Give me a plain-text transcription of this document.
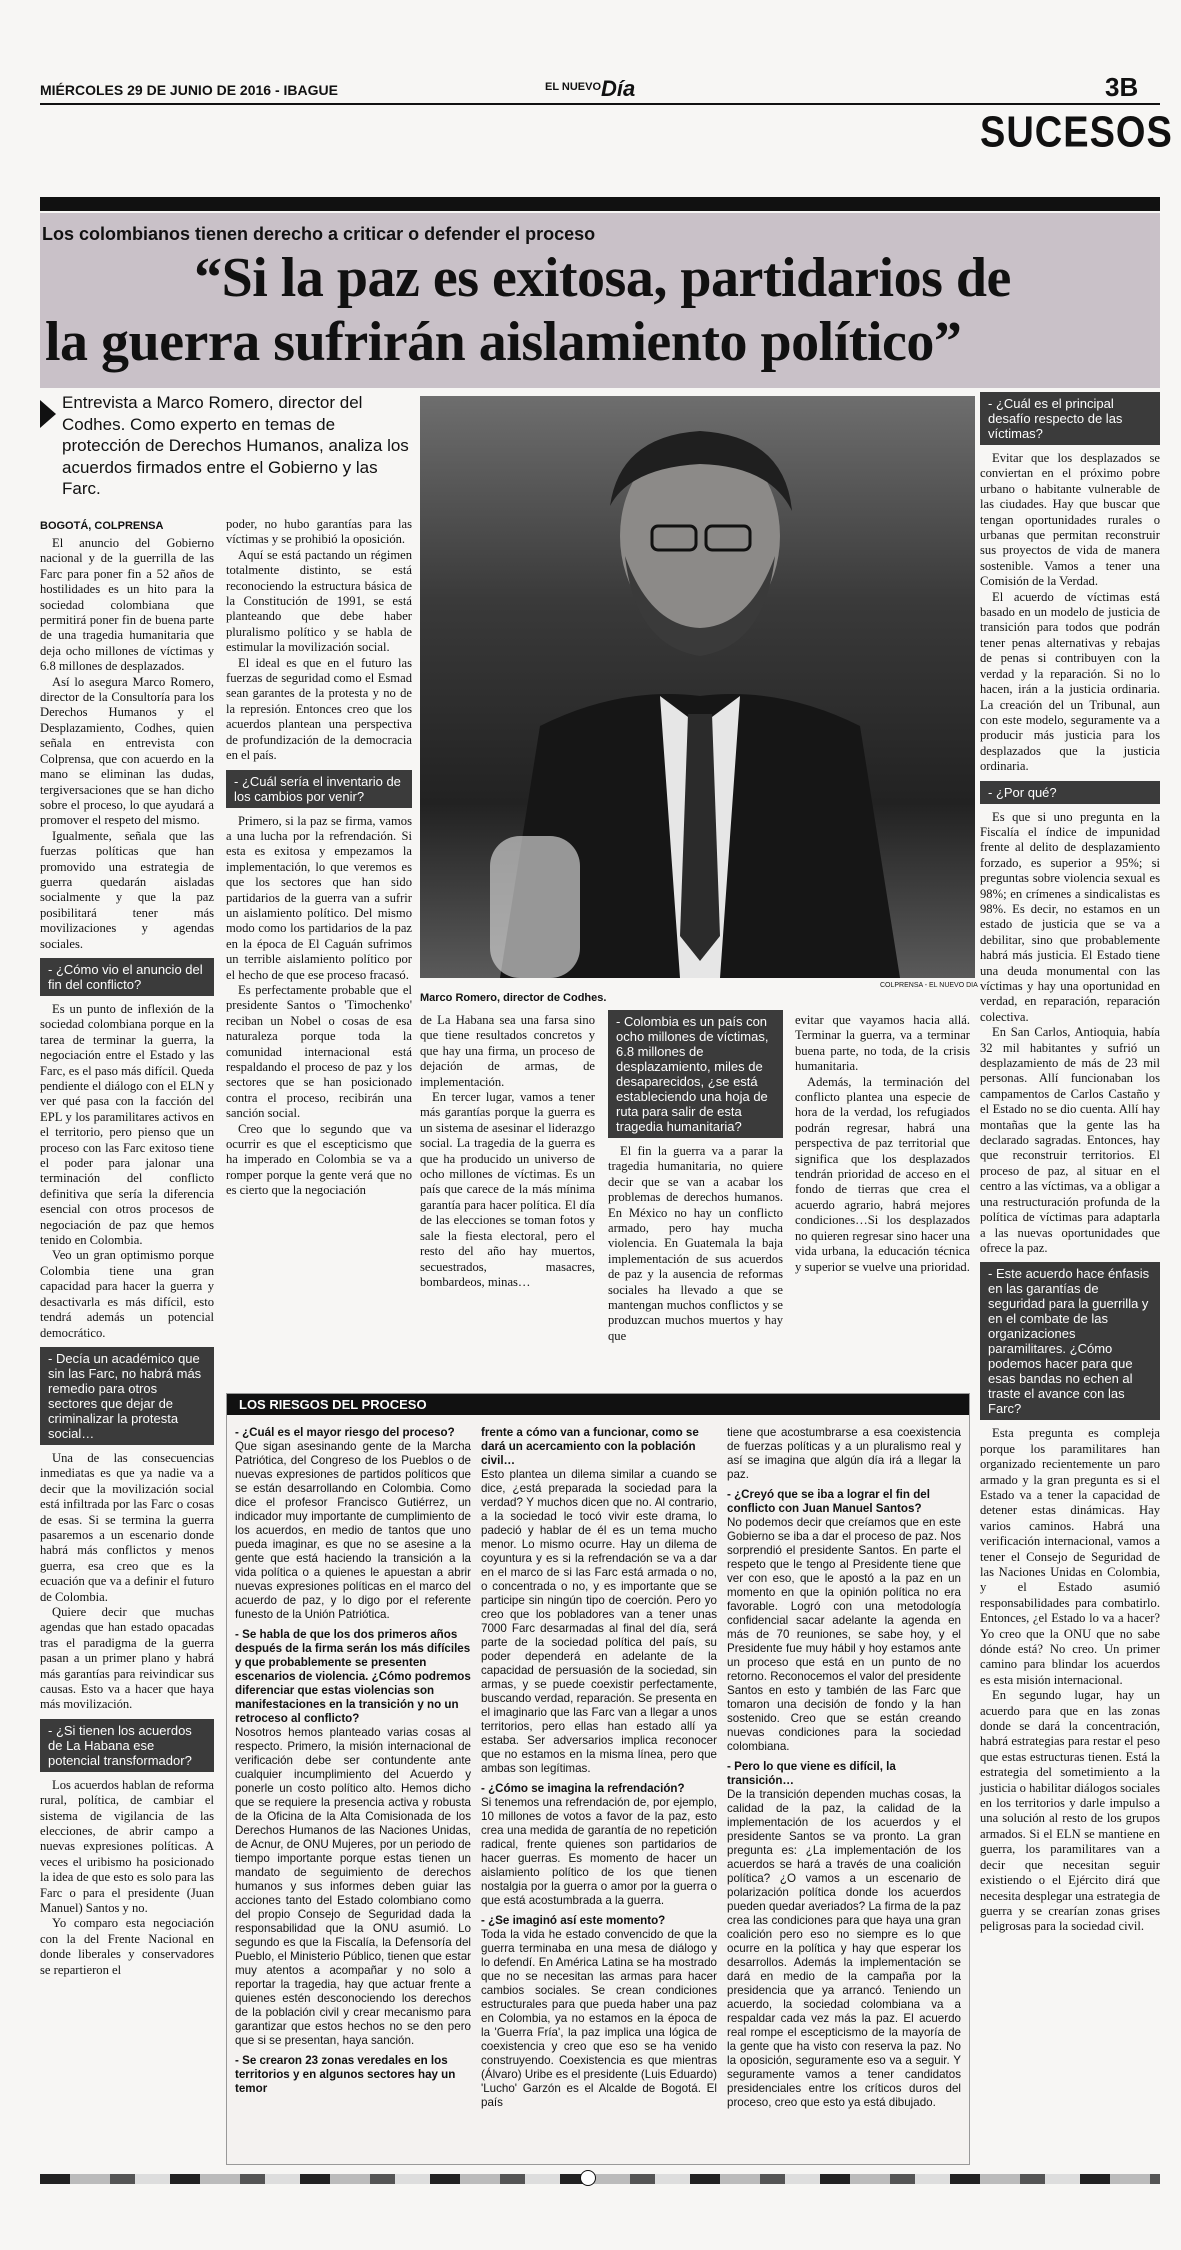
MIÉRCOLES 29 DE JUNIO DE 2016 - IBAGUE	$^{EL NUEVO}$Día	3B
SUCESOS
Los colombianos tienen derecho a criticar o defender el proceso
“Si la paz es exitosa, partidarios de
la guerra sufrirán aislamiento político”
Entrevista a Marco Romero, director del Codhes. Como experto en temas de protección de Derechos Humanos, analiza los acuerdos firmados entre el Gobierno y las Farc.
BOGOTÁ, COLPRENSA
COLPRENSA - EL NUEVO DIA
Marco Romero, director de Codhes.

El anuncio del Gobierno nacional y de la guerrilla de las Farc para poner fin a 52 años de hostilidades es un hito para la sociedad colombiana que permitirá poner fin de buena parte de una tragedia humanitaria que deja ocho millones de víctimas y 6.8 millones de desplazados.

Así lo asegura Marco Romero, director de la Consultoría para los Derechos Humanos y el Desplazamiento, Codhes, quien señala en entrevista con Colprensa, que con acuerdo en la mano se eliminan las dudas, tergiversaciones que se han dicho sobre el proceso, lo que ayudará a promover el respeto del mismo.

Igualmente, señala que las fuerzas políticas que han promovido una estrategia de guerra quedarán aisladas socialmente y que la paz posibilitará tener más movilizaciones y agendas sociales.

- ¿Cómo vio el anuncio del fin del conflicto?

Es un punto de inflexión de la sociedad colombiana porque en la tarea de terminar la guerra, la negociación entre el Estado y las Farc, es el paso más difícil. Queda pendiente el diálogo con el ELN y ver qué pasa con la facción del EPL y los paramilitares activos en el territorio, pero pienso que un proceso con las Farc exitoso tiene el poder para jalonar una terminación del conflicto definitiva que sería la diferencia esencial con otros procesos de negociación de paz que hemos tenido en Colombia.

Veo un gran optimismo porque Colombia tiene una gran capacidad para hacer la guerra y desactivarla es más difícil, esto tendrá además un potencial democrático.

- Decía un académico que sin las Farc, no habrá más remedio para otros sectores que dejar de criminalizar la protesta social…

Una de las consecuencias inmediatas es que ya nadie va a decir que la movilización social está infiltrada por las Farc o cosas de esas. Si se termina la guerra pasaremos a un escenario donde habrá más conflictos y menos guerra, esa creo que es la ecuación que va a definir el futuro de Colombia.

Quiere decir que muchas agendas que han estado opacadas tras el paradigma de la guerra pasan a un primer plano y habrá más garantías para reivindicar sus causas. Esto va a hacer que haya más movilización.

- ¿Si tienen los acuerdos de La Habana ese potencial transformador?

Los acuerdos hablan de reforma rural, política, de cambiar el sistema de vigilancia de las elecciones, de abrir campo a nuevas expresiones políticas. A veces el uribismo ha posicionado la idea de que esto es solo para las Farc o para el presidente (Juan Manuel) Santos y no.

Yo comparo esta negociación con la del Frente Nacional en donde liberales y conservadores se repartieron el

poder, no hubo garantías para las víctimas y se prohibió la oposición.

Aquí se está pactando un régimen totalmente distinto, se está reconociendo la estructura básica de la Constitución de 1991, se está planteando que debe haber pluralismo político y se habla de estimular la movilización social.

El ideal es que en el futuro las fuerzas de seguridad como el Esmad sean garantes de la protesta y no de la represión. Entonces creo que los acuerdos plantean una perspectiva de profundización de la democracia en el país.

- ¿Cuál sería el inventario de los cambios por venir?

Primero, si la paz se firma, vamos a una lucha por la refrendación. Si esta es exitosa y empezamos la implementación, lo que veremos es que los sectores que han sido partidarios de la guerra van a sufrir un aislamiento político. Del mismo modo como los partidarios de la paz en la época de El Caguán sufrimos un terrible aislamiento político por el hecho de que ese proceso fracasó.

Es perfectamente probable que el presidente Santos o 'Timochenko' reciban un Nobel o cosas de esa naturaleza porque toda la comunidad internacional está respaldando el proceso de paz y los sectores que se han posicionado contra el proceso, recibirán una sanción social.

Creo que lo segundo que va ocurrir es que el escepticismo que ha imperado en Colombia se va a romper porque la gente verá que no es cierto que la negociación

de La Habana sea una farsa sino que tiene resultados concretos y que hay una firma, un proceso de dejación de armas, de implementación.

En tercer lugar, vamos a tener más garantías porque la guerra es un sistema de asesinar el liderazgo social. La tragedia de la guerra es que ha producido un universo de ocho millones de víctimas. Es un país que carece de la más mínima garantía para hacer política. El día de las elecciones se toman fotos y sale la fiesta electoral, pero el resto del año hay muertos, secuestrados, masacres, bombardeos, minas…

- Colombia es un país con ocho millones de víctimas, 6.8 millones de desplazamiento, miles de desaparecidos, ¿se está estableciendo una hoja de ruta para salir de esta tragedia humanitaria?

El fin la guerra va a parar la tragedia humanitaria, no quiere decir que se van a acabar los problemas de derechos humanos. En México no hay un conflicto armado, pero hay mucha violencia. En Guatemala la baja implementación de sus acuerdos de paz y la ausencia de reformas sociales ha llevado a que se mantengan muchos conflictos y se produzcan muchos muertos y hay que

evitar que vayamos hacia allá. Terminar la guerra, va a terminar buena parte, no toda, de la crisis humanitaria.

Además, la terminación del conflicto plantea una especie de hora de la verdad, los refugiados podrán regresar, habrá una perspectiva de paz territorial que significa que los desplazados tendrán prioridad de acceso en el fondo de tierras que crea el acuerdo agrario, habrá mejores condiciones…Si los desplazados no quieren regresar sino hacer una vida urbana, la educación técnica y superior se vuelve una prioridad.

- ¿Cuál es el principal desafío respecto de las víctimas?

Evitar que los desplazados se conviertan en el próximo pobre urbano o habitante vulnerable de las ciudades. Hay que buscar que tengan oportunidades rurales o urbanas que permitan reconstruir sus proyectos de vida de manera sostenible. Vamos a tener una Comisión de la Verdad.

El acuerdo de víctimas está basado en un modelo de justicia de transición para todos que podrán tener penas alternativas y rebajas de penas si contribuyen con la verdad y la reparación. Si no lo hacen, irán a la justicia ordinaria. La creación del un Tribunal, aun con este modelo, seguramente va a producir más justicia para los desplazados que la justicia ordinaria.

- ¿Por qué?

Es que si uno pregunta en la Fiscalía el índice de impunidad frente al delito de desplazamiento forzado, es superior a 95%; si preguntas sobre violencia sexual es 98%; en crímenes a sindicalistas es 98%. Es decir, no estamos en un estado de justicia que se va a debilitar, sino que probablemente habrá más justicia. El Estado tiene una deuda monumental con las víctimas y hay una oportunidad en verdad, en reparación, reparación colectiva.

En San Carlos, Antioquia, había 32 mil habitantes y sufrió un desplazamiento de más de 23 mil personas. Allí funcionaban los campamentos de Carlos Castaño y el Estado no se dio cuenta. Allí hay montañas que la gente las ha declarado sagradas. Entonces, hay que reconstruir territorios. El proceso de paz, al situar en el centro a las víctimas, va a obligar a una restructuración profunda de la política de víctimas para adaptarla a las nuevas oportunidades que ofrece la paz.

- Este acuerdo hace énfasis en las garantías de seguridad para la guerrilla y en el combate de las organizaciones paramilitares. ¿Cómo podemos hacer para que esas bandas no echen al traste el avance con las Farc?

Esta pregunta es compleja porque los paramilitares han organizado recientemente un paro armado y la gran pregunta es si el Estado va a tener la capacidad de detener estas dinámicas. Hay varios caminos. Habrá una verificación internacional, vamos a tener el Consejo de Seguridad de las Naciones Unidas en Colombia, y el Estado asumió responsabilidades para combatirlo. Entonces, ¿el Estado lo va a hacer? Yo creo que la ONU que no sabe dónde está? No creo. Un primer camino para blindar los acuerdos es esta misión internacional.

En segundo lugar, hay un acuerdo para que en las zonas donde se dará la concentración, habrá estrategias para restar el peso que estas estructuras tienen. Está la estrategia del sometimiento a la justicia o habilitar diálogos sociales en los territorios y darle impulso a una solución al resto de los grupos armados. Si el ELN se mantiene en guerra, los paramilitares van a decir que necesitan seguir existiendo o el Ejército dirá que necesita desplegar una estrategia de guerra y se crearían zonas grises peligrosas para la sociedad civil.

LOS RIESGOS DEL PROCESO

- ¿Cuál es el mayor riesgo del proceso?

Que sigan asesinando gente de la Marcha Patriótica, del Congreso de los Pueblos o de nuevas expresiones de partidos políticos que se están desarrollando en Colombia. Como dice el profesor Francisco Gutiérrez, un indicador muy importante de cumplimiento de los acuerdos, en medio de tantos que uno pueda imaginar, es que no se asesine a la gente que está haciendo la transición a la vida política o a quienes le apuestan a abrir nuevas expresiones políticas en el marco del acuerdo de paz, y lo digo por el referente funesto de la Unión Patriótica.

- Se habla de que los dos primeros años después de la firma serán los más difíciles y que probablemente se presenten escenarios de violencia. ¿Cómo podremos diferenciar que estas violencias son manifestaciones en la transición y no un retroceso al conflicto?

Nosotros hemos planteado varias cosas al respecto. Primero, la misión internacional de verificación debe ser contundente ante cualquier incumplimiento del Acuerdo y ponerle un costo político alto. Hemos dicho que se requiere la presencia activa y robusta de la Oficina de la Alta Comisionada de los Derechos Humanos de las Naciones Unidas, de Acnur, de ONU Mujeres, por un periodo de tiempo importante porque estas tienen un mandato de seguimiento de derechos humanos y sus informes deben guiar las acciones tanto del Estado colombiano como del propio Consejo de Seguridad dada la responsabilidad que la ONU asumió. Lo segundo es que la Fiscalía, la Defensoría del Pueblo, el Ministerio Público, tienen que estar muy atentos a acompañar y no solo a reportar la tragedia, hay que actuar frente a quienes estén desconociendo los derechos de la población civil y crear mecanismo para garantizar que estos hechos no se den pero que si se presentan, haya sanción.

- Se crearon 23 zonas veredales en los territorios y en algunos sectores hay un temor

frente a cómo van a funcionar, como se dará un acercamiento con la población civil…

Esto plantea un dilema similar a cuando se dice, ¿está preparada la sociedad para la verdad? Y muchos dicen que no. Al contrario, a la sociedad le tocó vivir este drama, lo padeció y hablar de él es un tema mucho menor. Lo mismo ocurre. Hay un dilema de coyuntura y es si la refrendación se va a dar en el marco de si las Farc está armada o no, o concentrada o no, y es importante que se participe sin ningún tipo de coerción. Pero yo creo que los pobladores van a tener unas 7000 Farc desarmadas al final del día, será parte de la sociedad política del país, su poder dependerá en adelante de la capacidad de persuasión de la sociedad, sin armas, y se puede coexistir perfectamente, buscando verdad, reparación. Se presenta en el imaginario que las Farc van a llegar a unos territorios, pero ellas han estado allí ya estaba. Ser adversarios implica reconocer que no estamos en la misma línea, pero que ambas son legítimas.

- ¿Cómo se imagina la refrendación?

Si tenemos una refrendación de, por ejemplo, 10 millones de votos a favor de la paz, esto crea una medida de garantía de no repetición radical, frente quienes son partidarios de hacer guerras. Es momento de hacer un aislamiento político de los que tienen nostalgia por la guerra o amor por la guerra o que está acostumbrada a la guerra.

- ¿Se imaginó así este momento?

Toda la vida he estado convencido de que la guerra terminaba en una mesa de diálogo y lo defendí. En América Latina se ha mostrado que no se necesitan las armas para hacer cambios sociales. Se crean condiciones estructurales para que pueda haber una paz en Colombia, ya no estamos en la época de la 'Guerra Fría', la paz implica una lógica de coexistencia y creo que eso se ha venido construyendo. Coexistencia es que mientras (Álvaro) Uribe es el presidente (Luis Eduardo) 'Lucho' Garzón es el Alcalde de Bogotá. El país

tiene que acostumbrarse a esa coexistencia de fuerzas políticas y a un pluralismo real y así se imagina que algún día irá a llegar la paz.

- ¿Creyó que se iba a lograr el fin del conflicto con Juan Manuel Santos?

No podemos decir que creíamos que en este Gobierno se iba a dar el proceso de paz. Nos sorprendió el presidente Santos. En parte el respeto que le tengo al Presidente tiene que ver con eso, que le apostó a la paz en un momento en que la opinión política no era favorable. Logró con una metodología confidencial sacar adelante la agenda en más de 70 reuniones, se sabe hoy, y el Presidente fue muy hábil y hoy estamos ante un proceso que está en un punto de no retorno. Reconocemos el valor del presidente Santos en esto y también de las Farc que tomaron una decisión de fondo y la han sostenido. Creo que se están creando nuevas condiciones para la sociedad colombiana.

- Pero lo que viene es difícil, la transición…

De la transición dependen muchas cosas, la calidad de la paz, la calidad de la implementación de los acuerdos y el presidente Santos se va pronto. La gran pregunta es: ¿La implementación de los acuerdos se hará a través de una coalición política? ¿O vamos a un escenario de polarización política donde los acuerdos pueden quedar averiados? La firma de la paz crea las condiciones para que haya una gran coalición pero eso no siempre es lo que ocurre en la política y hay que esperar los desarrollos. Además la implementación se dará en medio de la campaña por la presidencia que ya arrancó. Teniendo un acuerdo, la sociedad colombiana va a respaldar cada vez más la paz. El acuerdo real rompe el escepticismo de la mayoría de la gente que ha visto con reserva la paz. No la oposición, seguramente eso va a seguir. Y seguramente vamos a tener candidatos presidenciales entre los críticos duros del proceso, creo que esto ya está dibujado.
